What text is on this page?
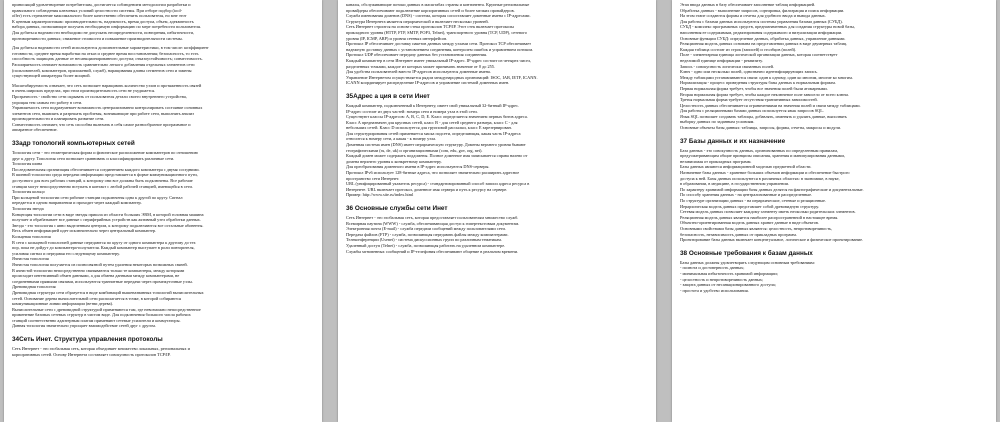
приносящий удовлетворение потребителям, достигается соблюдением методологии разработки и

правильного соблюдения ключевых условий целостности системы. При отборе подбор (tool-

offer) есть стремление максимального более качественно обеспечить пользователя, но мне этот

К ценным характеристикам: производительность, надежность, время доступа, объем, адекватность

набора данных, позволяющие получать необходимую информацию по мере потребности пользователя.

Для добиться надежности необходимо не допускать неопределенности, повторения, избыточности,

противоречивости данных; снижение стоимости и повышение производительности системы.

Для добиться надежности сетей используются дополнительные характеристики, в том числе: коэффициент

готовности, среднее время наработки на отказ и среднее время восстановления; безопасность, то есть

способность защищать данные от несанкционированного доступа; отказоустойчивость; совместимость.

Расширяемость означает возможность сравнительно легкого добавления отдельных элементов сети

(пользователей, компьютеров, приложений, служб), наращивания длины сегментов сети и замены

существующей аппаратуры более мощной.

Масштабируемость означает, что сеть позволяет наращивать количество узлов и протяженность связей

в очень широких пределах, при этом производительность сети не ухудшается.

Прозрачность - свойство сети скрывать от пользователя детали своего внутреннего устройства,

упрощая тем самым его работу в сети.

Управляемость сети подразумевает возможность централизованно контролировать состояние основных

элементов сети, выявлять и разрешать проблемы, возникающие при работе сети, выполнять анализ

производительности и планировать развитие сети.

Совместимость означает, что сеть способна включать в себя самое разнообразное программное и

аппаратное обеспечение.

33адр топологий компьютерных сетей

Топология сети - это геометрическая форма и физическое расположение компьютеров по отношению

друг к другу. Топология сети позволяет сравнивать и классифицировать различные сети.

Топология шина

Последовательная организация обеспечивается соединением каждого компьютера с двумя соседними.

В шинной топологии среда передачи информации представляется в форме коммуникационного пути,

доступного для всех рабочих станций, к которому они все должны быть подключены. Все рабочие

станции могут непосредственно вступать в контакт с любой рабочей станцией, имеющейся в сети.

Топология кольцо

При кольцевой топологии сети рабочие станции подключены одна к другой по кругу. Сигнал

передается в одном направлении и проходит через каждый компьютер.

Топология звезда

Концепция топологии сети в виде звезды пришла из области больших ЭВМ, в которой головная машина

получает и обрабатывает все данные с периферийных устройств как активный узел обработки данных.

Звезда - это топология с явно выделенным центром, к которому подключаются все остальные абоненты.

Весь обмен информацией идет исключительно через центральный компьютер.

Кольцевая топология

В сети с кольцевой топологией данные передаются по кругу от одного компьютера к другому до тех

пор, пока не дойдут до компьютера-получателя. Каждый компьютер выступает в роли повторителя,

усиливая сигнал и передавая его следующему компьютеру.

Ячеистая топология

Ячеистая топология получается из полносвязной путем удаления некоторых возможных связей.

В ячеистой топологии непосредственно связываются только те компьютеры, между которыми

происходит интенсивный обмен данными, а для обмена данными между компьютерами, не

соединенными прямыми связями, используются транзитные передачи через промежуточные узлы.

Древовидная топология

Древовидная структура сети образуется в виде комбинаций вышеназванных топологий вычислительных

сетей. Основание дерева вычислительной сети располагается в точке, в которой собираются

коммуникационные линии информации (ветви дерева).

Вычислительные сети с древовидной структурой применяются там, где невозможно непосредственное

применение базовых сетевых структур в чистом виде. Для подключения большого числа рабочих

станций соответственно адаптерным платам применяют сетевые усилители и коммутаторы.

Данная топология значительно упрощает взаимодействие сетей друг с другом.

34Сеть Инет. Структура управления протоколы

Сеть Интернет - это глобальная сеть, которая объединяет множество локальных, региональных и

корпоративных сетей. Основу Интернета составляет совокупность протоколов TCP/IP.

каналы, обслуживающие потоки данных в масштабах страны и континента. Крупные региональные

провайдеры обеспечивают подключение корпоративных сетей и более мелких провайдеров.

Служба именования доменов (DNS) - система, которая сопоставляет доменные имена с IP-адресами.

Структура Интернета является иерархической и включает несколько уровней.

Сеть Интернет строится на основе стека протоколов TCP/IP. Этот стек включает протоколы

прикладного уровня (HTTP, FTP, SMTP, POP3, Telnet), транспортного уровня (TCP, UDP), сетевого

уровня (IP, ICMP, ARP) и уровня сетевых интерфейсов.

Протокол IP обеспечивает доставку пакетов данных между узлами сети. Протокол TCP обеспечивает

надежную доставку данных с установлением соединения, контролем ошибок и управлением потоком.

Протокол UDP обеспечивает передачу данных без установления соединения.

Каждый компьютер в сети Интернет имеет уникальный IP-адрес. IP-адрес состоит из четырех чисел,

разделенных точками, каждое из которых может принимать значение от 0 до 255.

Для удобства пользователей вместо IP-адресов используются доменные имена.

Управление Интернетом осуществляется рядом международных организаций: ISOC, IAB, IETF, ICANN.

ICANN координирует распределение IP-адресов и управление системой доменных имен.

35Адрес а ция в сети Инет

Каждый компьютер, подключенный к Интернету, имеет свой уникальный 32-битный IP-адрес.

IP-адрес состоит из двух частей: номера сети и номера узла в этой сети.

Существуют классы IP-адресов: A, B, C, D, E. Класс определяется значением первых битов адреса.

Класс A предназначен для крупных сетей, класс B - для сетей среднего размера, класс C - для

небольших сетей. Класс D используется для групповой рассылки, класс E зарезервирован.

Для структурирования сетей применяется маска подсети, определяющая, какая часть IP-адреса

относится к номеру сети, а какая - к номеру узла.

Доменная система имен (DNS) имеет иерархическую структуру. Домены верхнего уровня бывают

географическими (ru, de, uk) и организационными (com, edu, gov, org, net).

Каждый домен может содержать поддомены. Полное доменное имя записывается справа налево от

домена верхнего уровня к конкретному компьютеру.

Для преобразования доменного имени в IP-адрес используются DNS-серверы.

Протокол IPv6 использует 128-битные адреса, что позволяет значительно расширить адресное

пространство сети Интернет.

URL (унифицированный указатель ресурса) - стандартизированный способ записи адреса ресурса в

Интернете. URL включает протокол, доменное имя сервера и путь к ресурсу на сервере.

Пример: http://www.site.ru/index.html

36 Основные службы сети Инет

Сеть Интернет - это глобальная сеть, которая предоставляет пользователям множество служб.

Всемирная паутина (WWW) - служба, обеспечивающая доступ к гипертекстовым документам.

Электронная почта (E-mail) - служба передачи сообщений между пользователями сети.

Передача файлов (FTP) - служба, позволяющая передавать файлы между компьютерами.

Телеконференции (Usenet) - система дискуссионных групп по различным тематикам.

Удаленный доступ (Telnet) - служба, позволяющая работать на удаленном компьютере.

Службы мгновенных сообщений и IP-телефония обеспечивают общение в реальном времени.

Этап ввода данных в базу обеспечивает заполнение таблиц информацией.

Обработка данных - выполнение запросов, сортировка, фильтрация и поиск информации.

На этом этапе создаются формы и отчеты для удобного ввода и вывода данных.

Для работы с базами данных используются системы управления базами данных (СУБД).

СУБД - комплекс программных средств, предназначенных для создания структуры новой базы,

наполнения ее содержимым, редактирования содержимого и визуализации информации.

Основные функции СУБД: определение данных, обработка данных, управление данными.

Реляционная модель данных основана на представлении данных в виде двумерных таблиц.

Каждая таблица состоит из строк (записей) и столбцов (полей).

Поле - элементарная единица логической организации данных, которая соответствует

неделимой единице информации - реквизиту.

Запись - совокупность логически связанных полей.

Ключ - одно или несколько полей, однозначно идентифицирующих запись.

Между таблицами устанавливаются связи: один к одному, один ко многим, многие ко многим.

Нормализация - процесс приведения структуры базы данных к нормальным формам.

Первая нормальная форма требует, чтобы все значения полей были атомарными.

Вторая нормальная форма требует, чтобы каждое неключевое поле зависело от всего ключа.

Третья нормальная форма требует отсутствия транзитивных зависимостей.

Целостность данных обеспечивается ограничениями на значения полей и связи между таблицами.

Для работы с реляционными базами данных используется язык запросов SQL.

Язык SQL позволяет создавать таблицы, добавлять, изменять и удалять данные, выполнять

выборку данных по заданным условиям.

Основные объекты базы данных: таблицы, запросы, формы, отчеты, макросы и модули.

37 Базы данных и их назначение

База данных - это совокупность данных, организованных по определенным правилам,

предусматривающим общие принципы описания, хранения и манипулирования данными,

независимая от прикладных программ.

Базы данных являются информационной моделью предметной области.

Назначение базы данных - хранение больших объемов информации и обеспечение быстрого

доступа к ней. Базы данных используются в различных областях: в экономике, в науке,

в образовании, в медицине, в государственном управлении.

По характеру хранимой информации базы данных делятся на фактографические и документальные.

По способу хранения данных - на централизованные и распределенные.

По структуре организации данных - на иерархические, сетевые и реляционные.

Иерархическая модель данных представляет собой древовидную структуру.

Сетевая модель данных позволяет каждому элементу иметь несколько родительских элементов.

Реляционная модель данных является наиболее распространенной в настоящее время.

Объектно-ориентированная модель данных хранит данные в виде объектов.

Основными свойствами базы данных являются: целостность, непротиворечивость,

безопасность, независимость данных от прикладных программ.

Проектирование базы данных включает концептуальное, логическое и физическое проектирование.

38 Основные требования к базам данных

Базы данных должны удовлетворять следующим основным требованиям:

- полнота и достоверность данных;

- минимальная избыточность хранимой информации;

- целостность и непротиворечивость данных;

- защита данных от несанкционированного доступа;

- простота и удобство использования.
